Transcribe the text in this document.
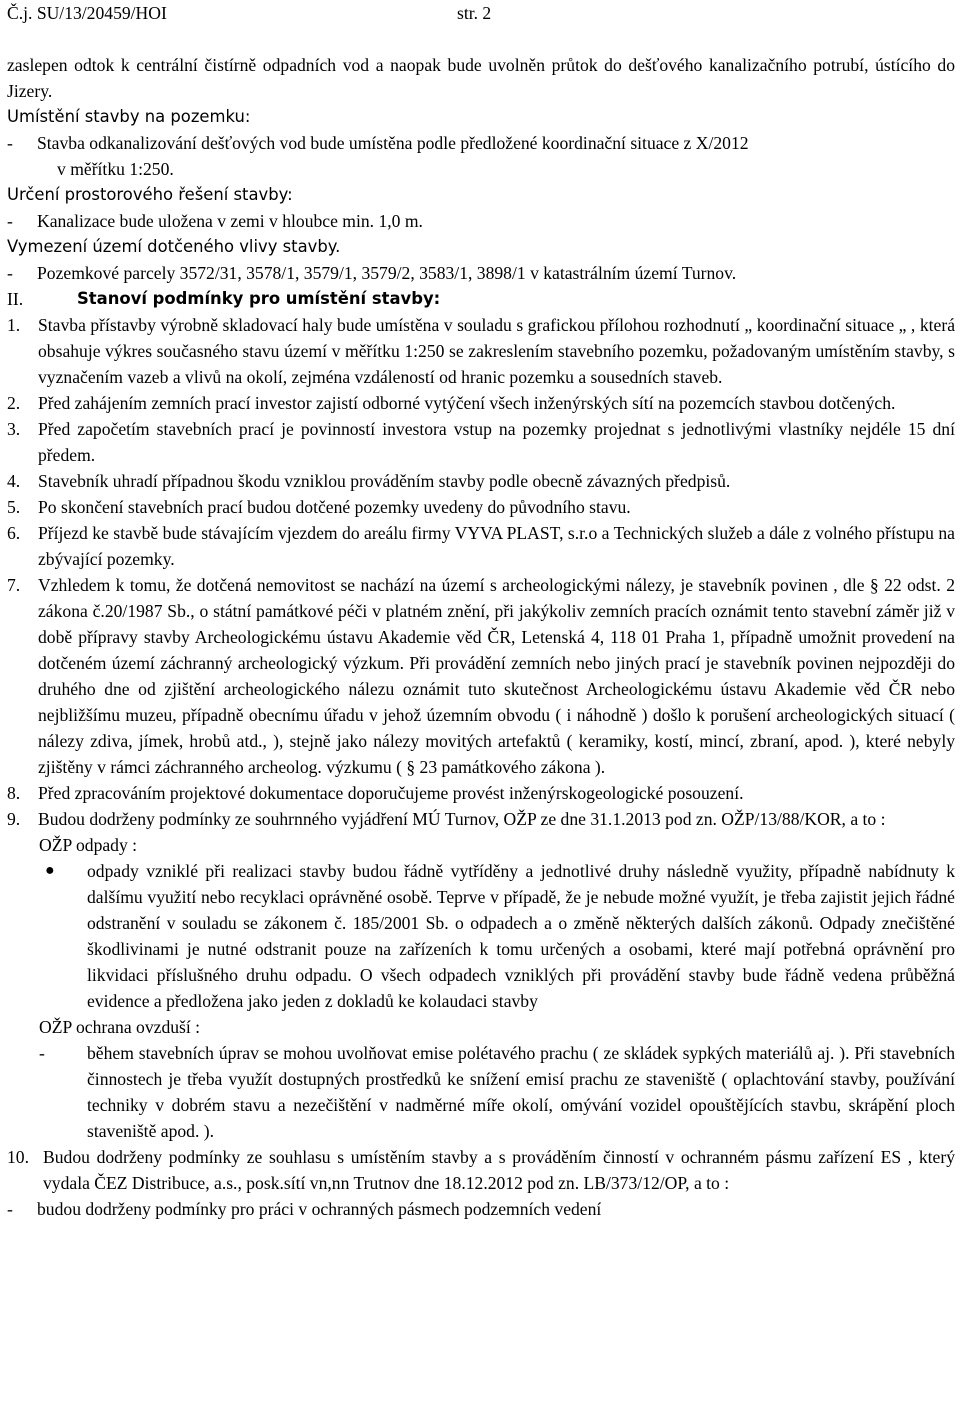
Č.j. SU/13/20459/HOI	str. 2

zaslepen odtok k centrální čistírně odpadních vod a naopak bude uvolněn průtok do dešťového kanalizačního potrubí, ústícího do Jizery.

Umístění stavby na pozemku:

-	Stavba odkanalizování dešťových vod bude umístěna podle předložené koordinační situace z X/2012

v měřítku 1:250.

Určení prostorového řešení stavby:

-	Kanalizace bude uložena v zemi v hloubce min. 1,0 m.

Vymezení území dotčeného vlivy stavby.

-	Pozemkové parcely 3572/31, 3578/1, 3579/1, 3579/2, 3583/1, 3898/1 v katastrálním území Turnov.
II.	Stanoví podmínky pro umístění stavby:
1.	Stavba přístavby výrobně skladovací haly bude umístěna v souladu s grafickou přílohou rozhodnutí „ koordinační situace „ , která obsahuje výkres současného stavu území v měřítku 1:250 se zakreslením stavebního pozemku, požadovaným umístěním stavby, s vyznačením vazeb a vlivů na okolí, zejména vzdáleností od hranic pozemku a sousedních staveb.
2.	Před zahájením zemních prací investor zajistí odborné vytýčení všech inženýrských sítí na pozemcích stavbou dotčených.
3.	Před započetím stavebních prací je povinností investora vstup na pozemky projednat s jednotlivými vlastníky nejdéle 15 dní předem.
4.	Stavebník uhradí případnou škodu vzniklou prováděním stavby podle obecně závazných předpisů.
5.	Po skončení stavebních prací budou dotčené pozemky uvedeny do původního stavu.
6.	Příjezd ke stavbě bude stávajícím vjezdem do areálu firmy VYVA PLAST, s.r.o a Technických služeb a dále z volného přístupu na zbývající pozemky.
7.	Vzhledem k tomu, že dotčená nemovitost se nachází na území s archeologickými nálezy, je stavebník povinen , dle § 22 odst. 2 zákona č.20/1987 Sb., o státní památkové péči v platném znění, při jakýkoliv zemních pracích oznámit tento stavební záměr již v době přípravy stavby Archeologickému ústavu Akademie věd ČR, Letenská 4, 118 01 Praha 1, případně umožnit provedení na dotčeném území záchranný archeologický výzkum. Při provádění zemních nebo jiných prací je stavebník povinen nejpozději do druhého dne od zjištění archeologického nálezu oznámit tuto skutečnost Archeologickému ústavu Akademie věd ČR nebo nejbližšímu muzeu, případně obecnímu úřadu v jehož územním obvodu ( i náhodně ) došlo k porušení archeologických situací ( nálezy zdiva, jímek, hrobů atd., ), stejně jako nálezy movitých artefaktů ( keramiky, kostí, mincí, zbraní, apod. ), které nebyly zjištěny v rámci záchranného archeolog. výzkumu ( § 23 památkového zákona ).
8.	Před zpracováním projektové dokumentace doporučujeme provést inženýrskogeologické posouzení.
9.	Budou dodrženy podmínky ze souhrnného vyjádření MÚ Turnov, OŽP ze dne 31.1.2013 pod zn. OŽP/13/88/KOR, a to :

OŽP odpady :

●	odpady vzniklé při realizaci stavby budou řádně vytříděny a jednotlivé druhy následně využity, případně nabídnuty k dalšímu využití nebo recyklaci oprávněné osobě. Teprve v případě, že je nebude možné využít, je třeba zajistit jejich řádné odstranění v souladu se zákonem č. 185/2001 Sb. o odpadech a o změně některých dalších zákonů. Odpady znečištěné škodlivinami je nutné odstranit pouze na zařízeních k tomu určených a osobami, které mají potřebná oprávnění pro likvidaci příslušného druhu odpadu. O všech odpadech vzniklých při provádění stavby bude řádně vedena průběžná evidence a předložena jako jeden z dokladů ke kolaudaci stavby

OŽP ochrana ovzduší :

-	během stavebních úprav se mohou uvolňovat emise polétavého prachu ( ze skládek sypkých materiálů aj. ). Při stavebních činnostech je třeba využít dostupných prostředků ke snížení emisí prachu ze staveniště ( oplachtování stavby, používání techniky v dobrém stavu a nezečištění v nadměrné míře okolí, omývání vozidel opouštějících stavbu, skrápění ploch staveniště apod. ).
10. Budou dodrženy podmínky ze souhlasu s umístěním stavby a s prováděním činností v ochranném pásmu zařízení ES , který vydala ČEZ Distribuce, a.s., posk.sítí vn,nn Trutnov dne 18.12.2012 pod zn. LB/373/12/OP, a to :
-	budou dodrženy podmínky pro práci v ochranných pásmech podzemních vedení
